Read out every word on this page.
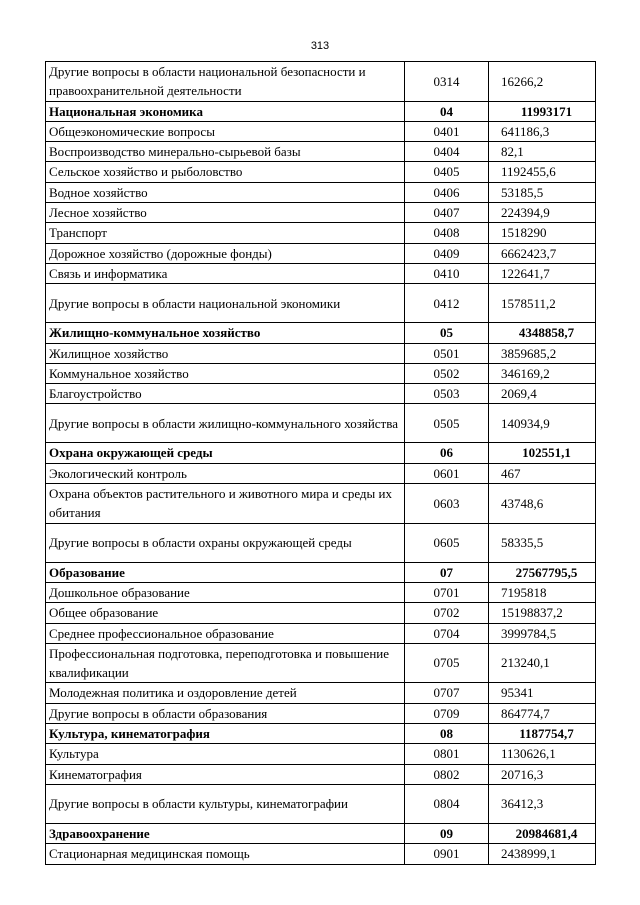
313
Другие вопросы в области национальной безопасности и правоохранительной деятельности	0314	16266,2
Национальная экономика	04	11993171
Общеэкономические вопросы	0401	641186,3
Воспроизводство минерально-сырьевой базы	0404	82,1
Сельское хозяйство и рыболовство	0405	1192455,6
Водное хозяйство	0406	53185,5
Лесное хозяйство	0407	224394,9
Транспорт	0408	1518290
Дорожное хозяйство (дорожные фонды)	0409	6662423,7
Связь и информатика	0410	122641,7
Другие вопросы в области национальной экономики	0412	1578511,2
Жилищно-коммунальное хозяйство	05	4348858,7
Жилищное хозяйство	0501	3859685,2
Коммунальное хозяйство	0502	346169,2
Благоустройство	0503	2069,4
Другие вопросы в области жилищно-коммунального хозяйства	0505	140934,9
Охрана окружающей среды	06	102551,1
Экологический контроль	0601	467
Охрана объектов растительного и животного мира и среды их обитания	0603	43748,6
Другие вопросы в области охраны окружающей среды	0605	58335,5
Образование	07	27567795,5
Дошкольное образование	0701	7195818
Общее образование	0702	15198837,2
Среднее профессиональное образование	0704	3999784,5
Профессиональная подготовка, переподготовка и повышение квалификации	0705	213240,1
Молодежная политика и оздоровление детей	0707	95341
Другие вопросы в области образования	0709	864774,7
Культура, кинематография	08	1187754,7
Культура	0801	1130626,1
Кинематография	0802	20716,3
Другие вопросы в области культуры, кинематографии	0804	36412,3
Здравоохранение	09	20984681,4
Стационарная медицинская помощь	0901	2438999,1
